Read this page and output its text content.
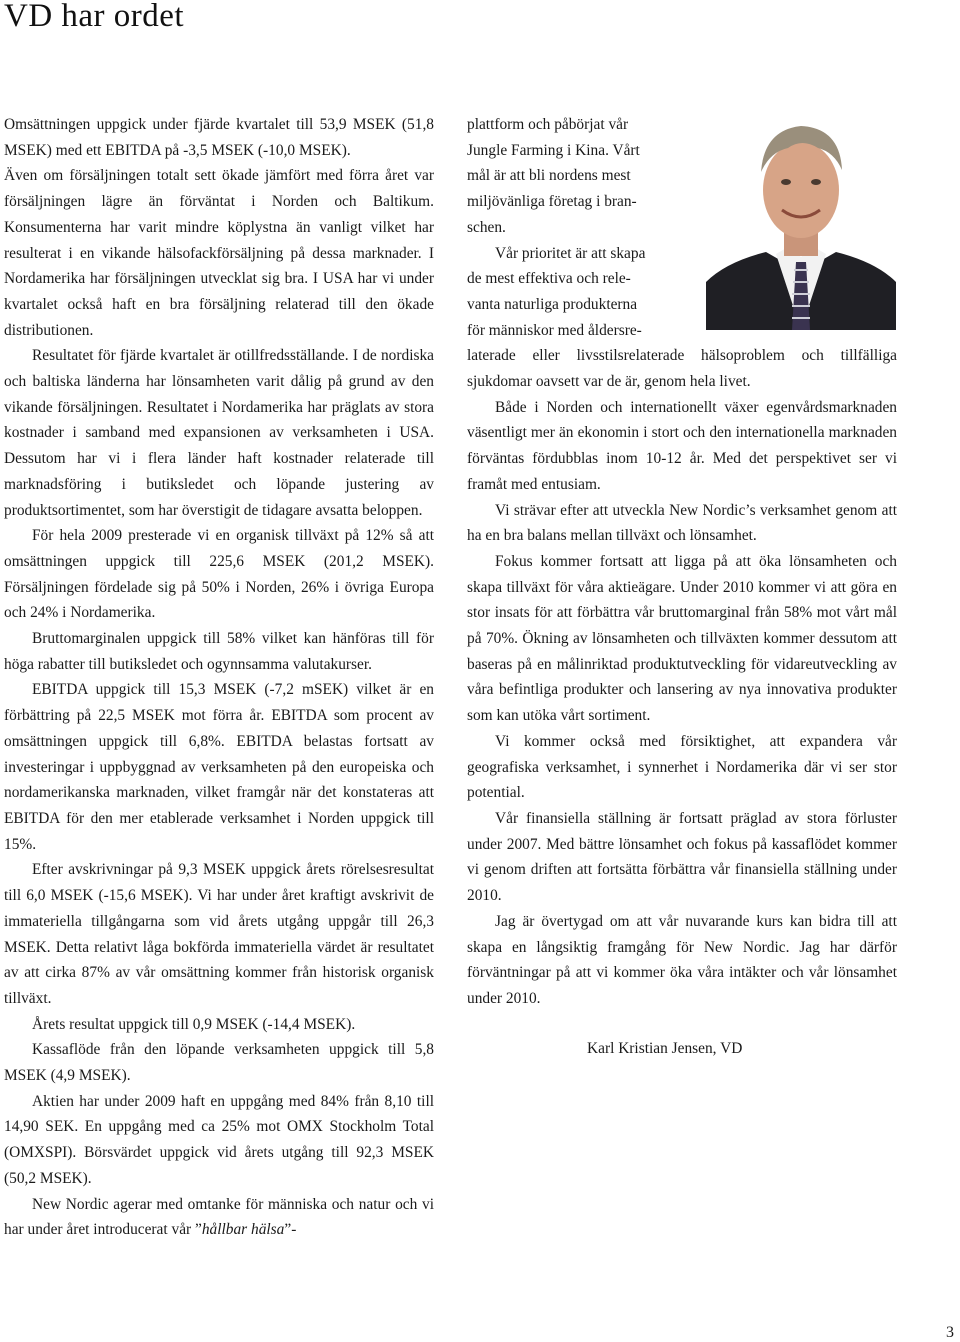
VD har ordet

Omsättningen uppgick under fjärde kvartalet till 53,9 MSEK (51,8 MSEK) med ett EBITDA på -3,5 MSEK (-10,0 MSEK).

Även om försäljningen totalt sett ökade jämfört med förra året var försäljningen lägre än förväntat i Norden och Baltikum. Konsumenterna har varit mindre köplystna än vanligt vilket har resulterat i en vikande hälsofackförsäljning på dessa marknader. I Nordamerika har försäljningen utvecklat sig bra. I USA har vi under kvartalet också haft en bra försäljning relaterad till den ökade distributionen.

Resultatet för fjärde kvartalet är otillfredsställande. I de nordiska och baltiska länderna har lönsamheten varit dålig på grund av den vikande försäljningen. Resultatet i Nordamerika har präglats av stora kostnader i samband med expansionen av verksamheten i USA. Dessutom har vi i flera länder haft kostnader relaterade till marknadsföring i butiksledet och löpande justering av produktsortimentet, som har överstigit de tidagare avsatta beloppen.

För hela 2009 presterade vi en organisk tillväxt på 12% så att omsättningen uppgick till 225,6 MSEK (201,2 MSEK). Försäljningen fördelade sig på 50% i Norden, 26% i övriga Europa och 24% i Nordamerika.

Bruttomarginalen uppgick till 58% vilket kan hänföras till för höga rabatter till butiksledet och ogynnsamma valutakurser.

EBITDA uppgick till 15,3 MSEK (-7,2 mSEK) vilket är en förbättring på 22,5 MSEK mot förra år. EBITDA som procent av omsättningen uppgick till 6,8%. EBITDA belastas fortsatt av investeringar i uppbyggnad av verksamheten på den europeiska och nordamerikanska marknaden, vilket framgår när det konstateras att EBITDA för den mer etablerade verksamhet i Norden uppgick till 15%.

Efter avskrivningar på 9,3 MSEK uppgick årets rörelsesresultat till 6,0 MSEK (-15,6 MSEK). Vi har under året kraftigt avskrivit de immateriella tillgångarna som vid årets utgång uppgår till 26,3 MSEK. Detta relativt låga bokförda immateriella värdet är resultatet av att cirka 87% av vår omsättning kommer från historisk organisk tillväxt.

Årets resultat uppgick till 0,9 MSEK (-14,4 MSEK).

Kassaflöde från den löpande verksamheten uppgick till 5,8 MSEK (4,9 MSEK).

Aktien har under 2009 haft en uppgång med 84% från 8,10 till 14,90 SEK. En uppgång med ca 25% mot OMX Stockholm Total (OMXSPI). Börsvärdet uppgick vid årets utgång till 92,3 MSEK (50,2 MSEK).

New Nordic agerar med omtanke för människa och natur och vi har under året introducerat vår ”hållbar hälsa”-

plattform och påbörjat vår
Jungle Farming i Kina. Vårt
mål är att bli nordens mest
miljövänliga företag i bran-
schen.
Vår prioritet är att skapa
de mest effektiva och rele-
vanta naturliga produkterna
för människor med åldersre-

laterade eller livsstilsrelaterade hälsoproblem och tillfälliga sjukdomar oavsett var de är, genom hela livet.

Både i Norden och internationellt växer egenvårdsmarknaden väsentligt mer än ekonomin i stort och den internationella marknaden förväntas fördubblas inom 10-12 år. Med det perspektivet ser vi framåt med entusiam.

Vi strävar efter att utveckla New Nordic’s verksamhet genom att ha en bra balans mellan tillväxt och lönsamhet.

Fokus kommer fortsatt att ligga på att öka lönsamheten och skapa tillväxt för våra aktieägare. Under 2010 kommer vi att göra en stor insats för att förbättra vår bruttomarginal från 58% mot vårt mål på 70%. Ökning av lönsamheten och tillväxten kommer dessutom att baseras på en målinriktad produktutveckling för vidareutveckling av våra befintliga produkter och lansering av nya innovativa produkter som kan utöka vårt sortiment.

Vi kommer också med försiktighet, att expandera vår geografiska verksamhet, i synnerhet i Nordamerika där vi ser stor potential.

Vår finansiella ställning är fortsatt präglad av stora förluster under 2007. Med bättre lönsamhet och fokus på kassaflödet kommer vi genom driften att fortsätta förbättra vår finansiella ställning under 2010.

Jag är övertygad om att vår nuvarande kurs kan bidra till att skapa en långsiktig framgång för New Nordic. Jag har därför förväntningar på att vi kommer öka våra intäkter och vår lönsamhet under 2010.

Karl Kristian Jensen, VD

3
